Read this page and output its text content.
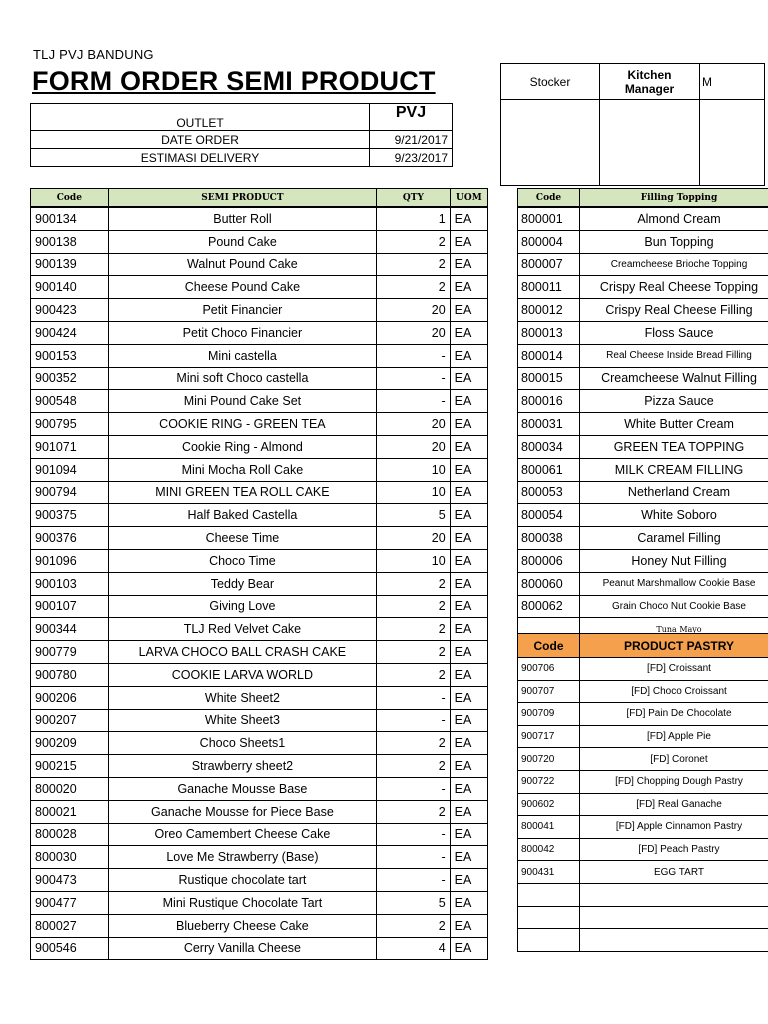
TLJ PVJ BANDUNG
FORM ORDER SEMI PRODUCT
OUTLET	PVJ
DATE ORDER	9/21/2017
ESTIMASI DELIVERY	9/23/2017
Stocker	Kitchen Manager	M

Code	SEMI PRODUCT	QTY	UOM
900134	Butter Roll	1	EA
900138	Pound Cake	2	EA
900139	Walnut Pound Cake	2	EA
900140	Cheese Pound Cake	2	EA
900423	Petit Financier	20	EA
900424	Petit Choco Financier	20	EA
900153	Mini castella	-	EA
900352	Mini soft Choco castella	-	EA
900548	Mini Pound Cake Set	-	EA
900795	COOKIE RING - GREEN TEA	20	EA
901071	Cookie Ring - Almond	20	EA
901094	Mini Mocha Roll Cake	10	EA
900794	MINI GREEN TEA ROLL CAKE	10	EA
900375	Half Baked Castella	5	EA
900376	Cheese Time	20	EA
901096	Choco Time	10	EA
900103	Teddy Bear	2	EA
900107	Giving Love	2	EA
900344	TLJ Red Velvet Cake	2	EA
900779	LARVA CHOCO BALL CRASH CAKE	2	EA
900780	COOKIE LARVA WORLD	2	EA
900206	White Sheet2	-	EA
900207	White Sheet3	-	EA
900209	Choco Sheets1	2	EA
900215	Strawberry sheet2	2	EA
800020	Ganache Mousse Base	-	EA
800021	Ganache Mousse for Piece Base	2	EA
800028	Oreo Camembert Cheese Cake	-	EA
800030	Love Me Strawberry (Base)	-	EA
900473	Rustique chocolate tart	-	EA
900477	Mini Rustique Chocolate Tart	5	EA
800027	Blueberry Cheese Cake	2	EA
900546	Cerry Vanilla Cheese	4	EA
Code	Filling Topping
800001	Almond Cream
800004	Bun Topping
800007	Creamcheese Brioche Topping
800011	Crispy Real Cheese Topping
800012	Crispy Real Cheese Filling
800013	Floss Sauce
800014	Real Cheese Inside Bread Filling
800015	Creamcheese Walnut Filling
800016	Pizza Sauce
800031	White Butter Cream
800034	GREEN TEA TOPPING
800061	MILK CREAM FILLING
800053	Netherland Cream
800054	White Soboro
800038	Caramel Filling
800006	Honey Nut Filling
800060	Peanut Marshmallow Cookie Base
800062	Grain Choco Nut Cookie Base
	Tuna Mayo
Code	PRODUCT PASTRY
900706	[FD] Croissant
900707	[FD] Choco Croissant
900709	[FD] Pain De Chocolate
900717	[FD] Apple Pie
900720	[FD] Coronet
900722	[FD] Chopping Dough Pastry
900602	[FD] Real Ganache
800041	[FD] Apple Cinnamon Pastry
800042	[FD] Peach Pastry
900431	EGG TART
